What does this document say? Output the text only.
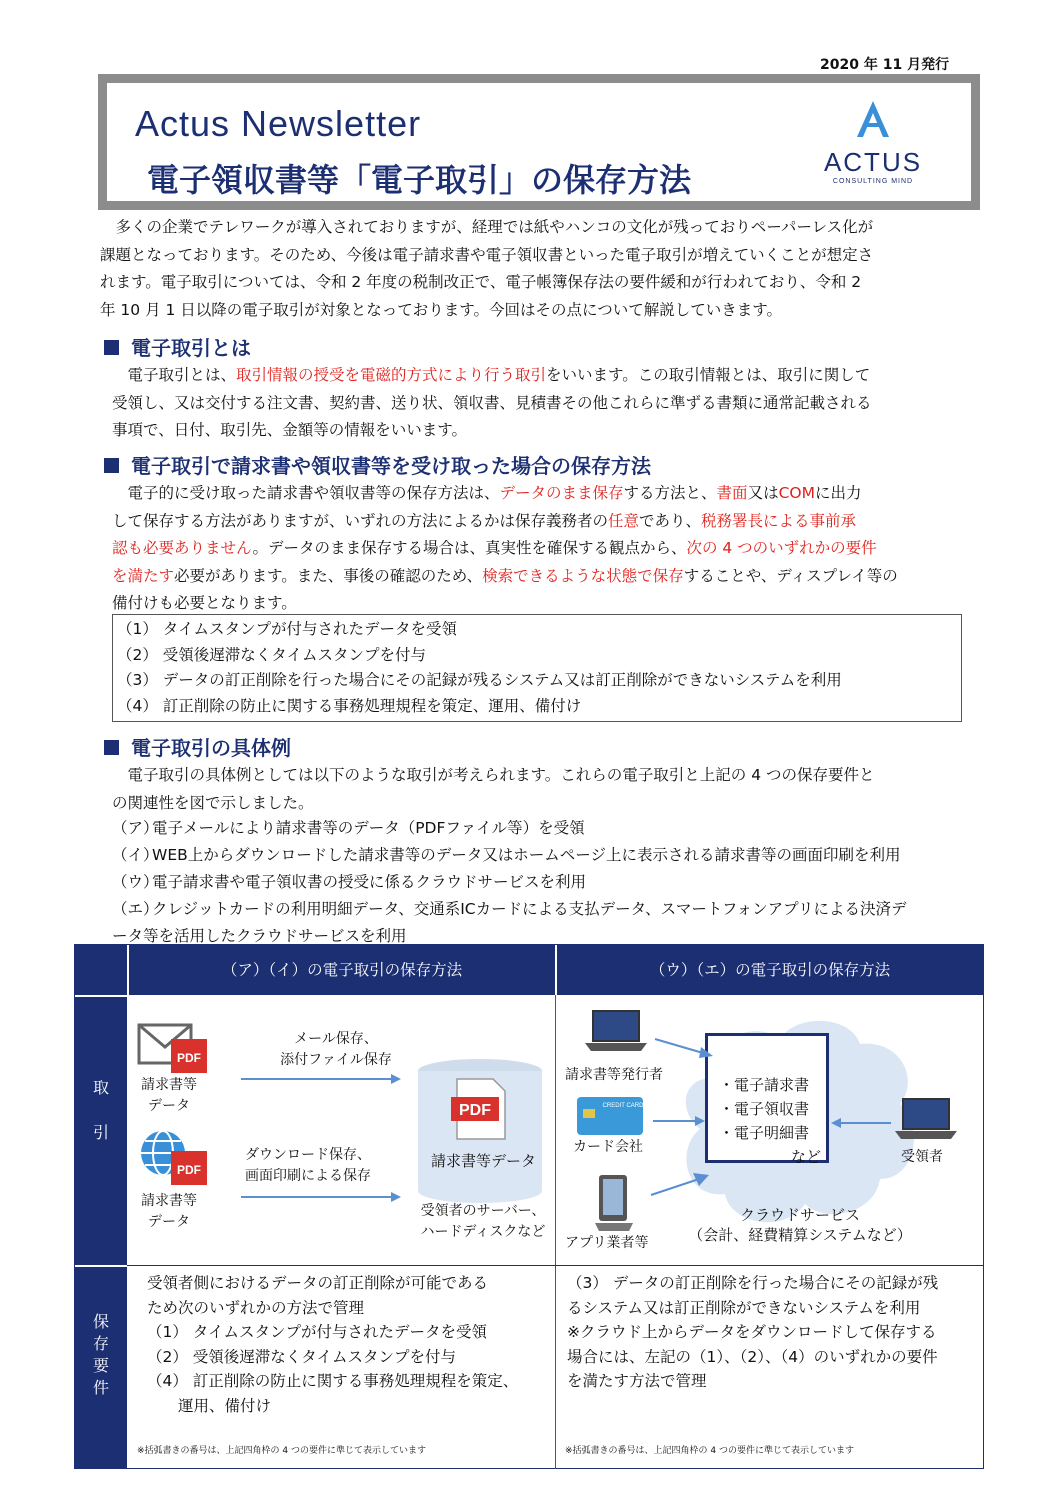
2020 年 11 月発行
Actus Newsletter
電子領収書等「電子取引」の保存方法	ACTUS
CONSULTING MIND
　多くの企業でテレワークが導入されておりますが、経理では紙やハンコの文化が残っておりペーパーレス化が
課題となっております。そのため、今後は電子請求書や電子領収書といった電子取引が増えていくことが想定さ
れます。電子取引については、令和 2 年度の税制改正で、電子帳簿保存法の要件緩和が行われており、令和 2
年 10 月 1 日以降の電子取引が対象となっております。今回はその点について解説していきます。
電子取引とは
　電子取引とは、取引情報の授受を電磁的方式により行う取引をいいます。この取引情報とは、取引に関して
受領し、又は交付する注文書、契約書、送り状、領収書、見積書その他これらに準ずる書類に通常記載される
事項で、日付、取引先、金額等の情報をいいます。
電子取引で請求書や領収書等を受け取った場合の保存方法
　電子的に受け取った請求書や領収書等の保存方法は、データのまま保存する方法と、書面又はCOMに出力
して保存する方法がありますが、いずれの方法によるかは保存義務者の任意であり、税務署長による事前承
認も必要ありません。データのまま保存する場合は、真実性を確保する観点から、次の 4 つのいずれかの要件
を満たす必要があります。また、事後の確認のため、検索できるような状態で保存することや、ディスプレイ等の
備付けも必要となります。
（1） タイムスタンプが付与されたデータを受領
（2） 受領後遅滞なくタイムスタンプを付与
（3） データの訂正削除を行った場合にその記録が残るシステム又は訂正削除ができないシステムを利用
（4） 訂正削除の防止に関する事務処理規程を策定、運用、備付け
電子取引の具体例
　電子取引の具体例としては以下のような取引が考えられます。これらの電子取引と上記の 4 つの保存要件と
の関連性を図で示しました。
（ア）電子メールにより請求書等のデータ（PDFファイル等）を受領
（イ）WEB上からダウンロードした請求書等のデータ又はホームページ上に表示される請求書等の画面印刷を利用
（ウ）電子請求書や電子領収書の授受に係るクラウドサービスを利用
（エ）クレジットカードの利用明細データ、交通系ICカードによる支払データ、スマートフォンアプリによる決済デ
ータ等を活用したクラウドサービスを利用
（ア）（イ）の電子取引の保存方法	（ウ）（エ）の電子取引の保存方法
取
引
保
存
要
件
PDF
請求書等
データ
メール保存、
添付ファイル保存
PDF
請求書等
データ
ダウンロード保存、
画面印刷による保存
PDF
請求書等データ
受領者のサーバー、
ハードディスクなど
・電子請求書
・電子領収書
・電子明細書
など
クラウドサービス
（会計、経費精算システムなど）
請求書等発行者
CREDIT CARD
カード会社
アプリ業者等
受領者
受領者側におけるデータの訂正削除が可能である
ため次のいずれかの方法で管理
（1） タイムスタンプが付与されたデータを受領
（2） 受領後遅滞なくタイムスタンプを付与
（4） 訂正削除の防止に関する事務処理規程を策定、
　　運用、備付け
※括弧書きの番号は、上記四角枠の 4 つの要件に準じて表示しています
（3） データの訂正削除を行った場合にその記録が残
るシステム又は訂正削除ができないシステムを利用
※クラウド上からデータをダウンロードして保存する
場合には、左記の（1）、（2）、（4）のいずれかの要件
を満たす方法で管理
※括弧書きの番号は、上記四角枠の 4 つの要件に準じて表示しています
